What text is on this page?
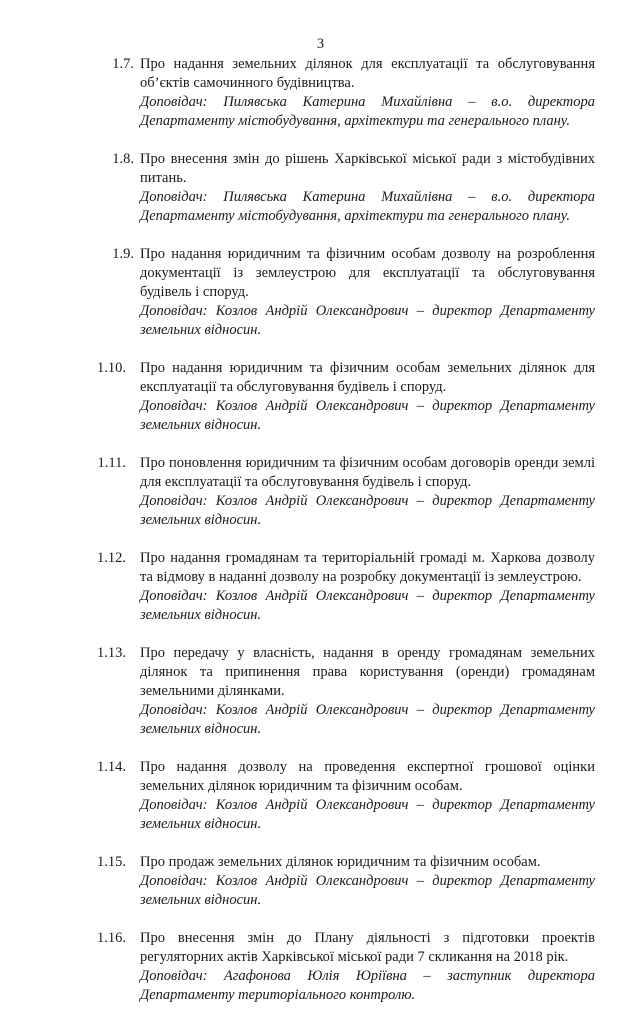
3
1.7. Про надання земельних ділянок для експлуатації та обслуговування об’єктів самочинного будівництва.
Доповідач: Пилявська Катерина Михайлівна – в.о. директора Департаменту містобудування, архітектури та генерального плану.
1.8. Про внесення змін до рішень Харківської міської ради з містобудівних питань.
Доповідач: Пилявська Катерина Михайлівна – в.о. директора Департаменту містобудування, архітектури та генерального плану.
1.9. Про надання юридичним та фізичним особам дозволу на розроблення документації із землеустрою для експлуатації та обслуговування будівель і споруд.
Доповідач: Козлов Андрій Олександрович – директор Департаменту земельних відносин.
1.10. Про надання юридичним та фізичним особам земельних ділянок для експлуатації та обслуговування будівель і споруд.
Доповідач: Козлов Андрій Олександрович – директор Департаменту земельних відносин.
1.11. Про поновлення юридичним та фізичним особам договорів оренди землі для експлуатації та обслуговування будівель і споруд.
Доповідач: Козлов Андрій Олександрович – директор Департаменту земельних відносин.
1.12. Про надання громадянам та територіальній громаді м. Харкова дозволу та відмову в наданні дозволу на розробку документації із землеустрою.
Доповідач: Козлов Андрій Олександрович – директор Департаменту земельних відносин.
1.13. Про передачу у власність, надання в оренду громадянам земельних ділянок та припинення права користування (оренди) громадянам земельними ділянками.
Доповідач: Козлов Андрій Олександрович – директор Департаменту земельних відносин.
1.14. Про надання дозволу на проведення експертної грошової оцінки земельних ділянок юридичним та фізичним особам.
Доповідач: Козлов Андрій Олександрович – директор Департаменту земельних відносин.
1.15. Про продаж земельних ділянок юридичним та фізичним особам.
Доповідач: Козлов Андрій Олександрович – директор Департаменту земельних відносин.
1.16. Про внесення змін до Плану діяльності з підготовки проектів регуляторних актів Харківської міської ради 7 скликання на 2018 рік.
Доповідач: Агафонова Юлія Юріївна – заступник директора Департаменту територіального контролю.
